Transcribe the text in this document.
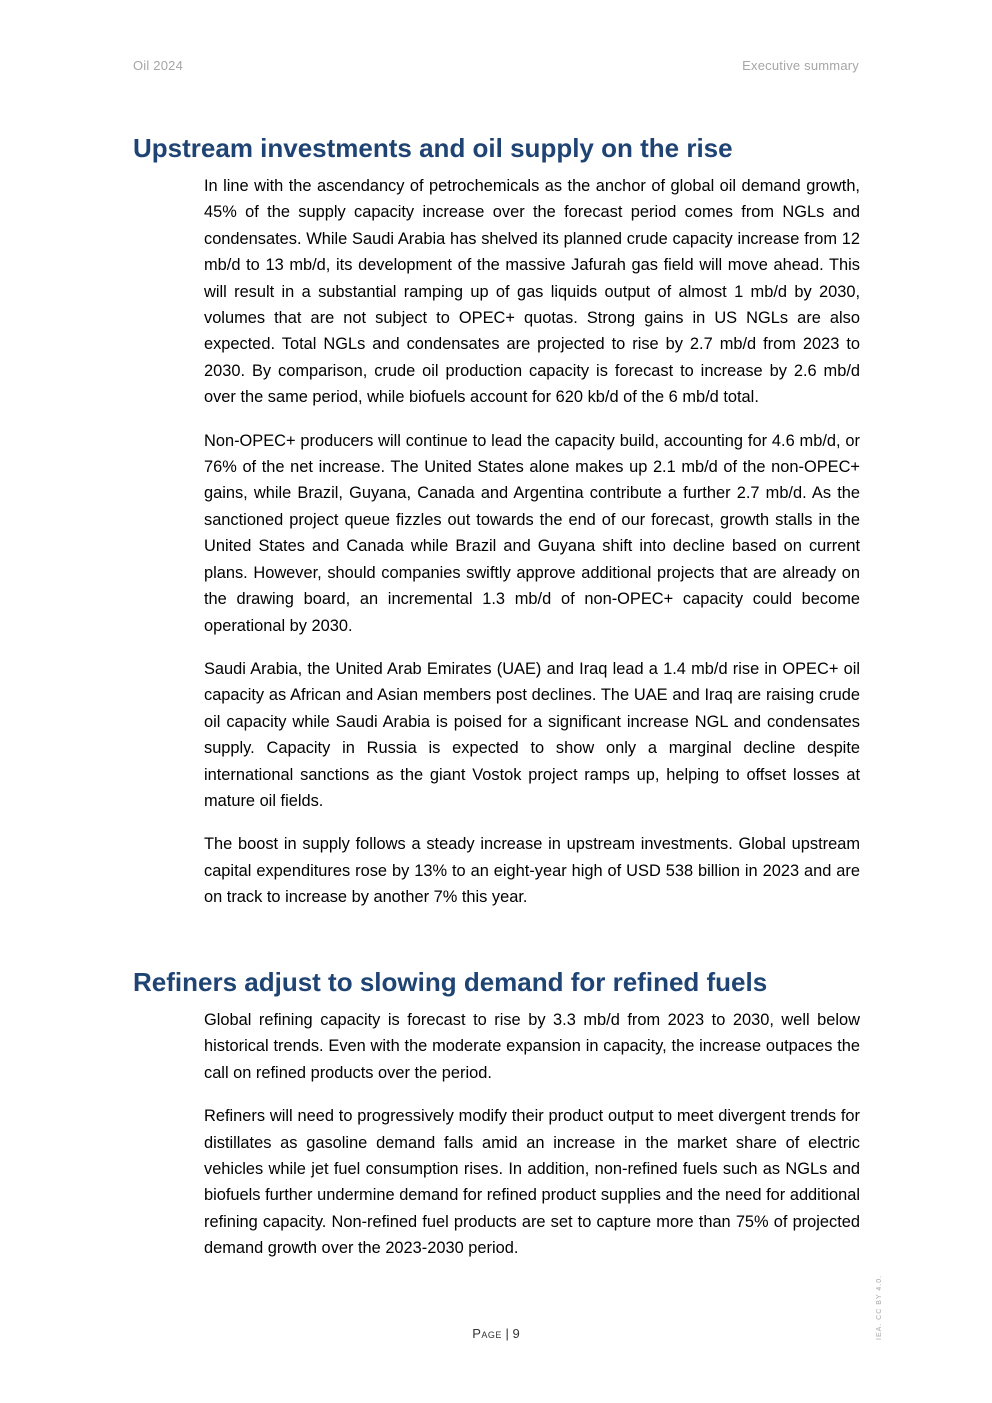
Oil 2024	Executive summary
Upstream investments and oil supply on the rise

In line with the ascendancy of petrochemicals as the anchor of global oil demand growth, 45% of the supply capacity increase over the forecast period comes from NGLs and condensates. While Saudi Arabia has shelved its planned crude capacity increase from 12 mb/d to 13 mb/d, its development of the massive Jafurah gas field will move ahead. This will result in a substantial ramping up of gas liquids output of almost 1 mb/d by 2030, volumes that are not subject to OPEC+ quotas. Strong gains in US NGLs are also expected. Total NGLs and condensates are projected to rise by 2.7 mb/d from 2023 to 2030. By comparison, crude oil production capacity is forecast to increase by 2.6 mb/d over the same period, while biofuels account for 620 kb/d of the 6 mb/d total.

Non-OPEC+ producers will continue to lead the capacity build, accounting for 4.6 mb/d, or 76% of the net increase. The United States alone makes up 2.1 mb/d of the non-OPEC+ gains, while Brazil, Guyana, Canada and Argentina contribute a further 2.7 mb/d. As the sanctioned project queue fizzles out towards the end of our forecast, growth stalls in the United States and Canada while Brazil and Guyana shift into decline based on current plans. However, should companies swiftly approve additional projects that are already on the drawing board, an incremental 1.3 mb/d of non-OPEC+ capacity could become operational by 2030.

Saudi Arabia, the United Arab Emirates (UAE) and Iraq lead a 1.4 mb/d rise in OPEC+ oil capacity as African and Asian members post declines. The UAE and Iraq are raising crude oil capacity while Saudi Arabia is poised for a significant increase NGL and condensates supply. Capacity in Russia is expected to show only a marginal decline despite international sanctions as the giant Vostok project ramps up, helping to offset losses at mature oil fields.

The boost in supply follows a steady increase in upstream investments. Global upstream capital expenditures rose by 13% to an eight-year high of USD 538 billion in 2023 and are on track to increase by another 7% this year.

Refiners adjust to slowing demand for refined fuels

Global refining capacity is forecast to rise by 3.3 mb/d from 2023 to 2030, well below historical trends. Even with the moderate expansion in capacity, the increase outpaces the call on refined products over the period.

Refiners will need to progressively modify their product output to meet divergent trends for distillates as gasoline demand falls amid an increase in the market share of electric vehicles while jet fuel consumption rises. In addition, non-refined fuels such as NGLs and biofuels further undermine demand for refined product supplies and the need for additional refining capacity. Non-refined fuel products are set to capture more than 75% of projected demand growth over the 2023-2030 period.

Page | 9	IEA. CC BY 4.0.
